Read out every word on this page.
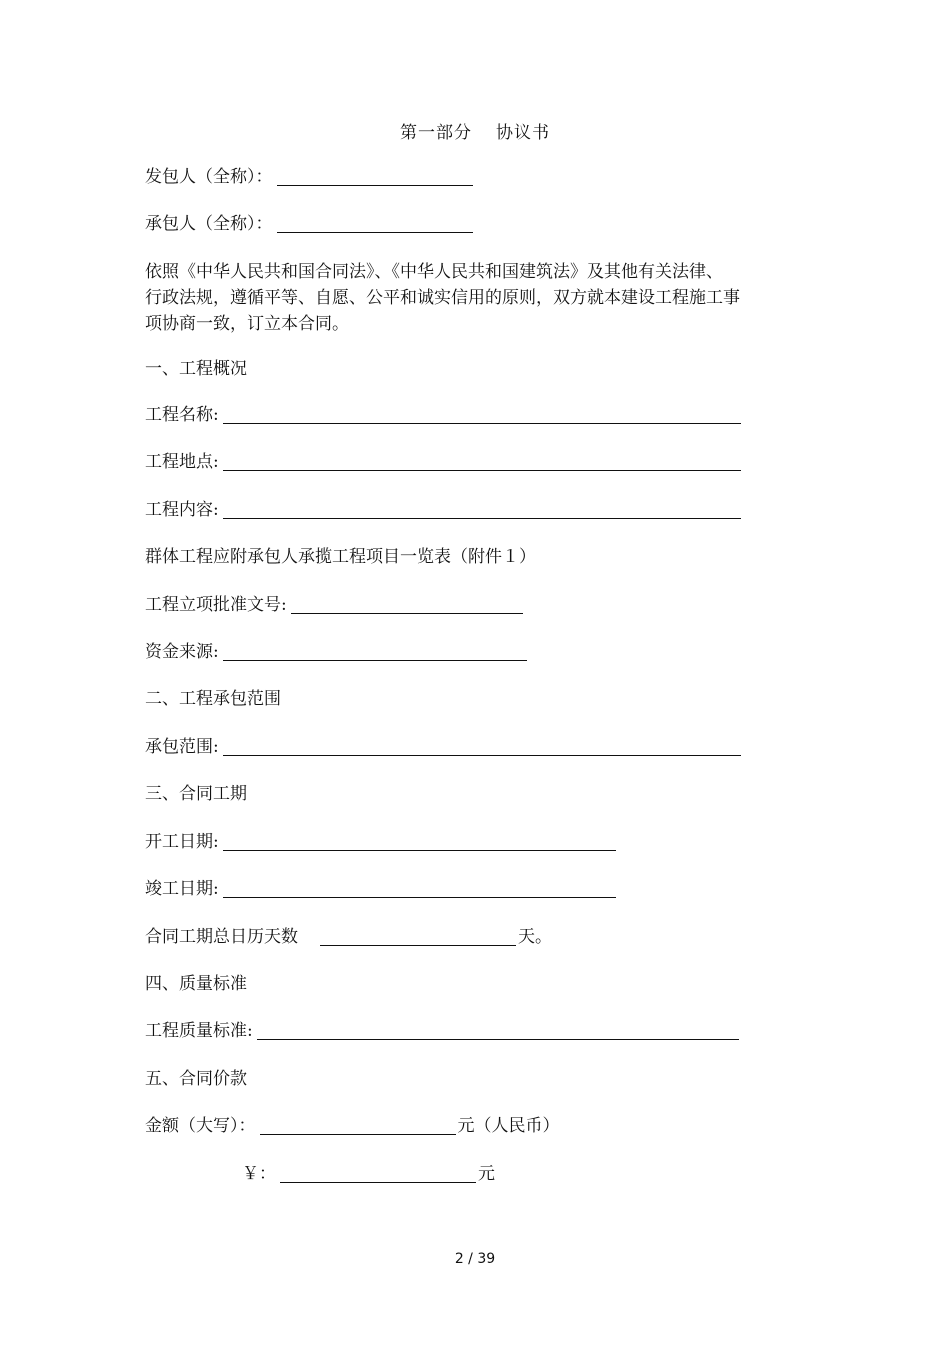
第一部分 协议书
发包人（全称）：
承包人（全称）：
依照《中华人民共和国合同法》、《中华人民共和国建筑法》及其他有关法律、
行政法规，遵循平等、自愿、公平和诚实信用的原则，双方就本建设工程施工事
项协商一致，订立本合同。
一、工程概况
工程名称:
工程地点:
工程内容:
群体工程应附承包人承揽工程项目一览表（附件１）
工程立项批准文号:
资金来源:
二、工程承包范围
承包范围:
三、合同工期
开工日期:
竣工日期:
合同工期总日历天数	天。
四、质量标准
工程质量标准:
五、合同价款
金额（大写）：	元（人民币）
￥：	元
2 / 39
